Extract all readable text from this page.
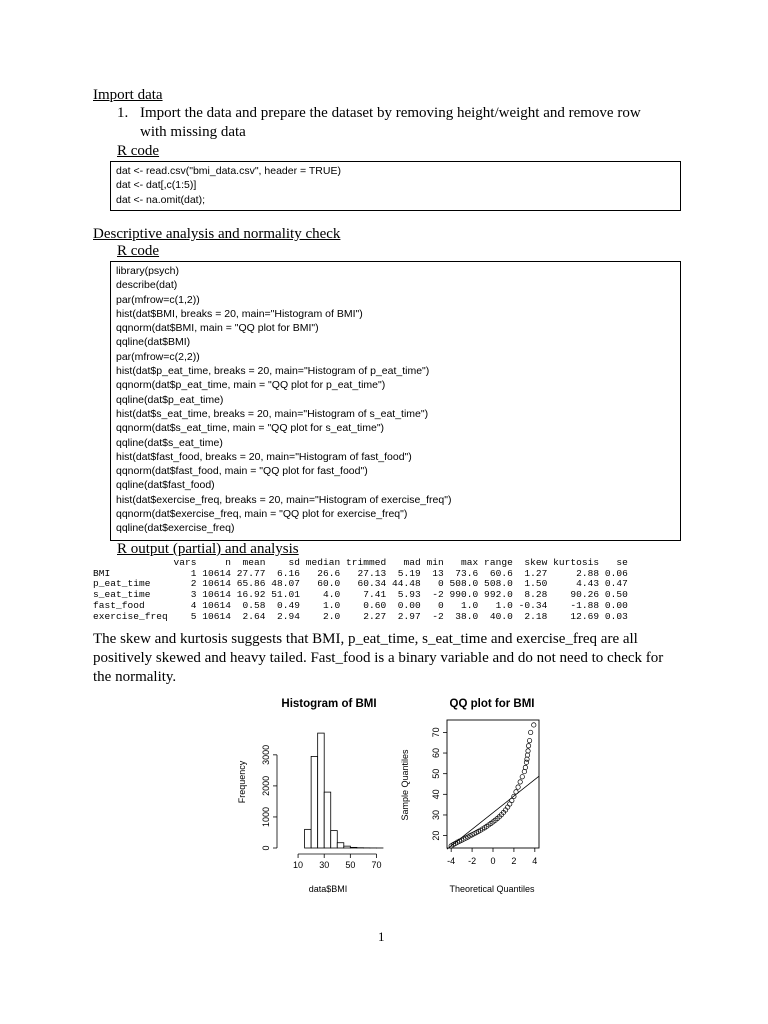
Import data
1. Import the data and prepare the dataset by removing height/weight and remove row
with missing data
R code
dat <- read.csv("bmi_data.csv", header = TRUE)
dat <- dat[,c(1:5)]
dat <- na.omit(dat);
Descriptive analysis and normality check
R code
library(psych)
describe(dat)
par(mfrow=c(1,2))
hist(dat$BMI, breaks = 20, main="Histogram of BMI")
qqnorm(dat$BMI, main = "QQ plot for BMI")
qqline(dat$BMI)
par(mfrow=c(2,2))
hist(dat$p_eat_time, breaks = 20, main="Histogram of p_eat_time")
qqnorm(dat$p_eat_time, main = "QQ plot for p_eat_time")
qqline(dat$p_eat_time)
hist(dat$s_eat_time, breaks = 20, main="Histogram of s_eat_time")
qqnorm(dat$s_eat_time, main = "QQ plot for s_eat_time")
qqline(dat$s_eat_time)
hist(dat$fast_food, breaks = 20, main="Histogram of fast_food")
qqnorm(dat$fast_food, main = "QQ plot for fast_food")
qqline(dat$fast_food)
hist(dat$exercise_freq, breaks = 20, main="Histogram of exercise_freq")
qqnorm(dat$exercise_freq, main = "QQ plot for exercise_freq")
qqline(dat$exercise_freq)
R output (partial) and analysis
vars     n  mean    sd median trimmed   mad min   max range  skew kurtosis   se
BMI              1 10614 27.77  6.16   26.6   27.13  5.19  13  73.6  60.6  1.27     2.88 0.06
p_eat_time       2 10614 65.86 48.07   60.0   60.34 44.48   0 508.0 508.0  1.50     4.43 0.47
s_eat_time       3 10614 16.92 51.01    4.0    7.41  5.93  -2 990.0 992.0  8.28    90.26 0.50
fast_food        4 10614  0.58  0.49    1.0    0.60  0.00   0   1.0   1.0 -0.34    -1.88 0.00
exercise_freq    5 10614  2.64  2.94    2.0    2.27  2.97  -2  38.0  40.0  2.18    12.69 0.03
The skew and kurtosis suggests that BMI, p_eat_time, s_eat_time and exercise_freq are all positively skewed and heavy tailed. Fast_food is a binary variable and do not need to check for the normality.
Histogram of BMI
Frequency
data$BMI
10 30 50 70
0
1000
2000
3000
QQ plot for BMI
Sample Quantiles
Theoretical Quantiles
-4 -2 0 2 4
20
30
40
50
60
70
1
